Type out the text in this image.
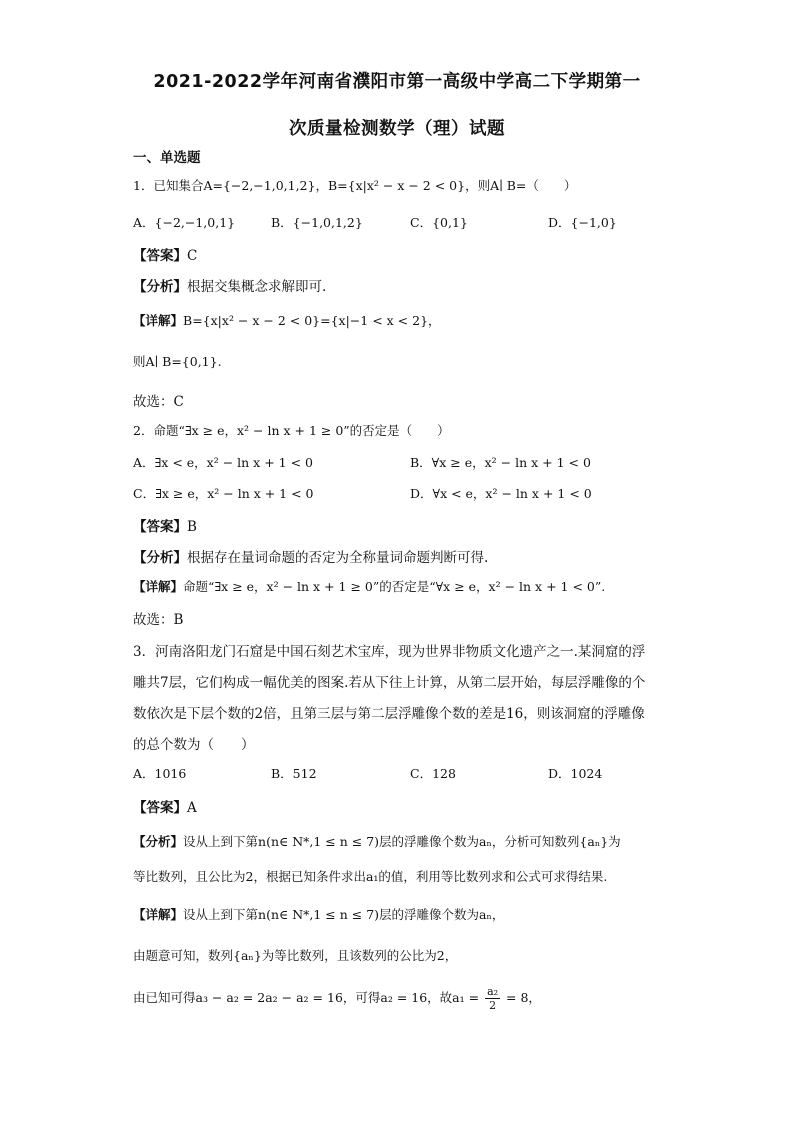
2021-2022学年河南省濮阳市第一高级中学高二下学期第一
次质量检测数学（理）试题
一、单选题
1．已知集合A={−2,−1,0,1,2}，B={x|x² − x − 2 < 0}，则A∣ B=（　　）
A．{−2,−1,0,1}	B．{−1,0,1,2}	C．{0,1}	D．{−1,0}
【答案】C
【分析】根据交集概念求解即可.
【详解】B={x|x² − x − 2 < 0}={x|−1 < x < 2}，
则A∣ B={0,1}.
故选：C
2．命题“∃x ≥ e，x² − ln x + 1 ≥ 0”的否定是（　　）
A．∃x < e，x² − ln x + 1 < 0	B．∀x ≥ e，x² − ln x + 1 < 0
C．∃x ≥ e，x² − ln x + 1 < 0	D．∀x < e，x² − ln x + 1 < 0
【答案】B
【分析】根据存在量词命题的否定为全称量词命题判断可得.
【详解】命题“∃x ≥ e，x² − ln x + 1 ≥ 0”的否定是“∀x ≥ e，x² − ln x + 1 < 0”.
故选：B
3．河南洛阳龙门石窟是中国石刻艺术宝库，现为世界非物质文化遗产之一.某洞窟的浮
雕共7层，它们构成一幅优美的图案.若从下往上计算，从第二层开始，每层浮雕像的个
数依次是下层个数的2倍，且第三层与第二层浮雕像个数的差是16，则该洞窟的浮雕像
的总个数为（　　）
A．1016	B．512	C．128	D．1024
【答案】A
【分析】设从上到下第n(n∈ N*,1 ≤ n ≤ 7)层的浮雕像个数为aₙ，分析可知数列{aₙ}为
等比数列，且公比为2，根据已知条件求出a₁的值，利用等比数列求和公式可求得结果.
【详解】设从上到下第n(n∈ N*,1 ≤ n ≤ 7)层的浮雕像个数为aₙ，
由题意可知，数列{aₙ}为等比数列，且该数列的公比为2，
由已知可得a₃ − a₂ = 2a₂ − a₂ = 16，可得a₂ = 16，故$a_1 = \frac{\text{a₂}}{2} = 8$，
